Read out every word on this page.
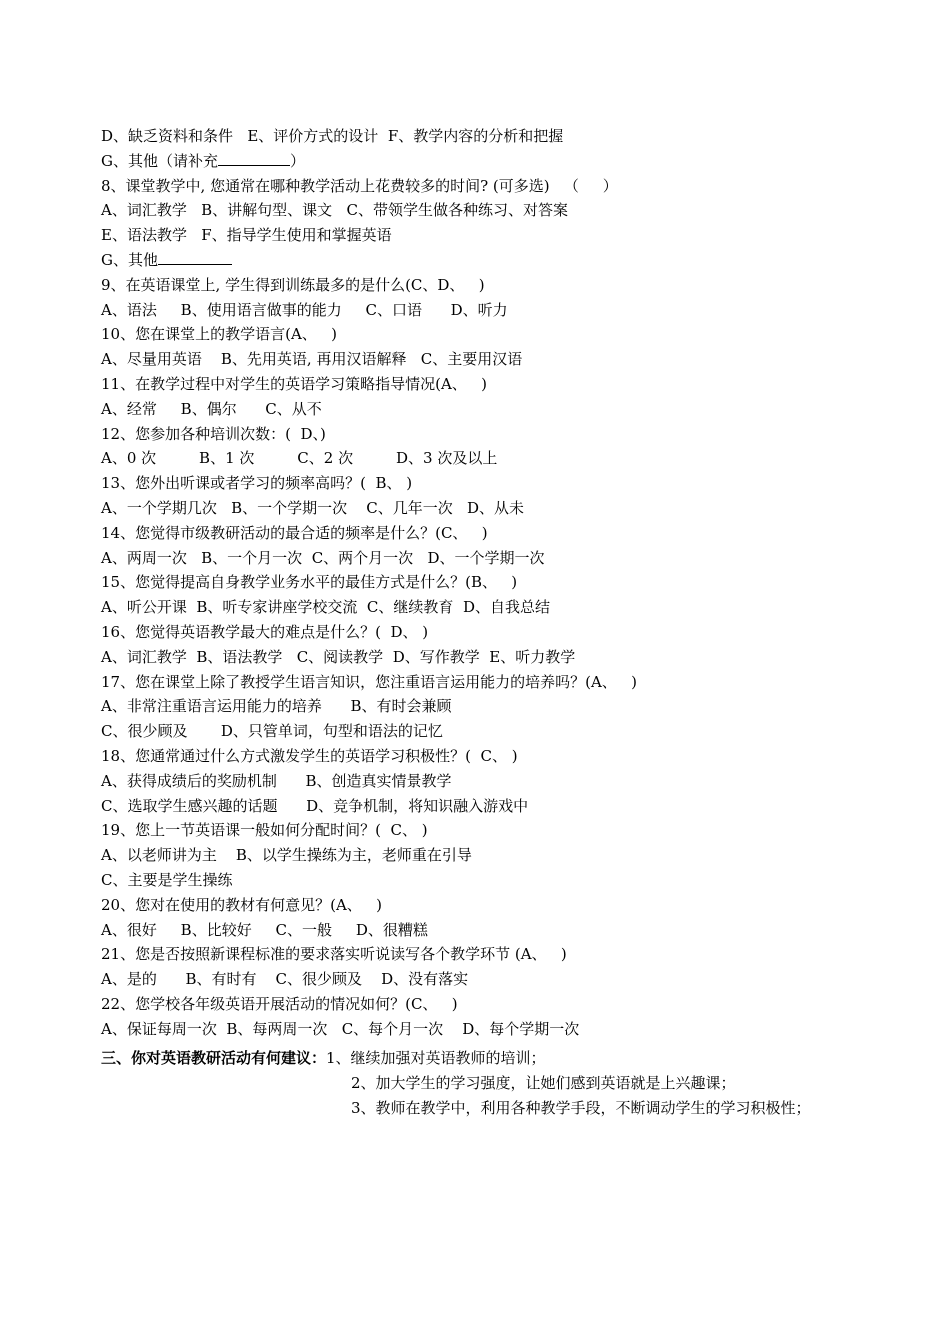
D、缺乏资料和条件   E、评价方式的设计  F、教学内容的分析和把握
G、其他（请补充	）
8、课堂教学中, 您通常在哪种教学活动上花费较多的时间? (可多选)   （     ）
A、词汇教学   B、讲解句型、课文   C、带领学生做各种练习、对答案
E、语法教学   F、指导学生使用和掌握英语
G、其他
9、在英语课堂上, 学生得到训练最多的是什么(C、D、   )
A、语法     B、使用语言做事的能力     C、口语      D、听力
10、您在课堂上的教学语言(A、   )
A、尽量用英语    B、先用英语, 再用汉语解释   C、主要用汉语
11、在教学过程中对学生的英语学习策略指导情况(A、   )
A、经常     B、偶尔      C、从不
12、您参加各种培训次数：(  D、)
A、0 次         B、1 次         C、2 次         D、3 次及以上
13、您外出听课或者学习的频率高吗？(  B、 )
A、一个学期几次   B、一个学期一次    C、几年一次   D、从未
14、您觉得市级教研活动的最合适的频率是什么？(C、   )
A、两周一次   B、一个月一次  C、两个月一次   D、一个学期一次
15、您觉得提高自身教学业务水平的最佳方式是什么？(B、   )
A、听公开课  B、听专家讲座学校交流  C、继续教育  D、自我总结
16、您觉得英语教学最大的难点是什么？(  D、 )
A、词汇教学  B、语法教学   C、阅读教学  D、写作教学  E、听力教学
17、您在课堂上除了教授学生语言知识，您注重语言运用能力的培养吗？(A、   )
A、非常注重语言运用能力的培养      B、有时会兼顾
C、很少顾及       D、只管单词，句型和语法的记忆
18、您通常通过什么方式激发学生的英语学习积极性？(  C、 )
A、获得成绩后的奖励机制      B、创造真实情景教学
C、选取学生感兴趣的话题      D、竞争机制，将知识融入游戏中
19、您上一节英语课一般如何分配时间？(  C、 )
A、以老师讲为主    B、以学生操练为主，老师重在引导
C、主要是学生操练
20、您对在使用的教材有何意见？(A、   )
A、很好     B、比较好     C、一般     D、很糟糕
21、您是否按照新课程标准的要求落实听说读写各个教学环节 (A、   )
A、是的      B、有时有    C、很少顾及    D、没有落实
22、您学校各年级英语开展活动的情况如何？(C、   )
A、保证每周一次  B、每两周一次   C、每个月一次    D、每个学期一次
三、你对英语教研活动有何建议：1、继续加强对英语教师的培训；
2、加大学生的学习强度，让她们感到英语就是上兴趣课；
3、教师在教学中，利用各种教学手段，不断调动学生的学习积极性；
